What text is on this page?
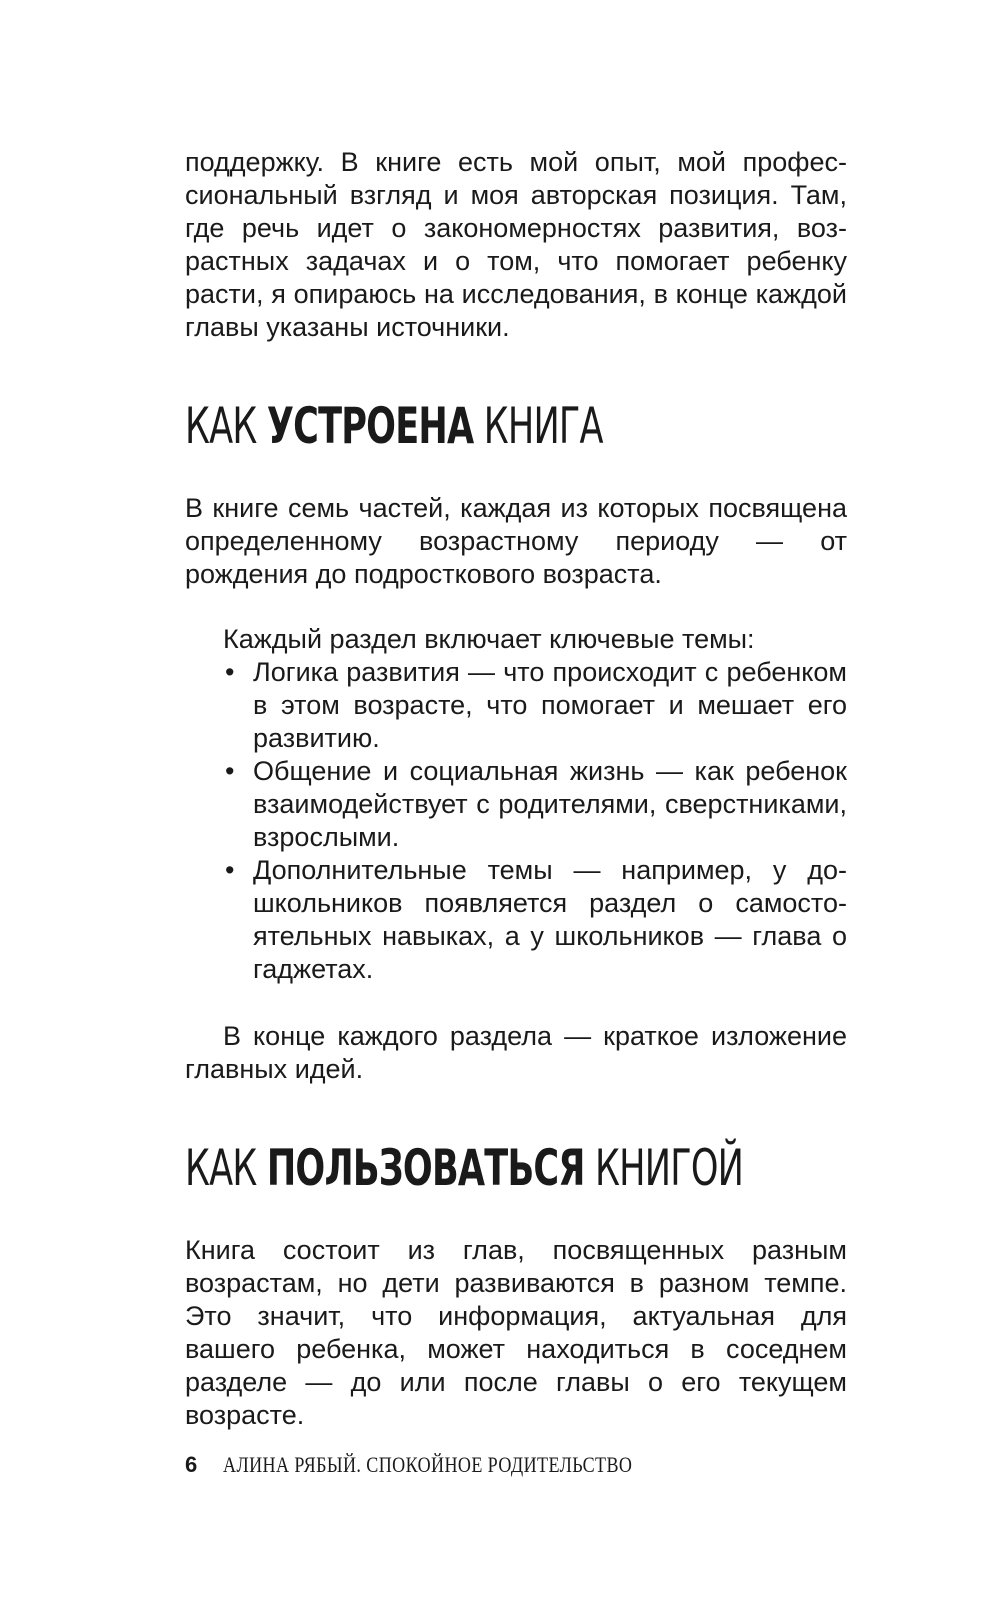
поддержку. В книге есть мой опыт, мой профессиональный взгляд и моя авторская позиция. Там, где речь идет о закономерностях развития, возрастных задачах и о том, что помогает ребенку расти, я опираюсь на исследования, в конце каждой главы указаны источники.

КАК УСТРОЕНА КНИГА

В книге семь частей, каждая из которых посвящена определенному возрастному периоду — от рождения до подросткового возраста.

Каждый раздел включает ключевые темы:

• Логика развития — что происходит с ребенком в этом возрасте, что помогает и мешает его развитию.
• Общение и социальная жизнь — как ребенок взаимодействует с родителями, сверстниками, взрослыми.
• Дополнительные темы — например, у дошкольников появляется раздел о самостоятельных навыках, а у школьников — глава о гаджетах.

В конце каждого раздела — краткое изложение главных идей.

КАК ПОЛЬЗОВАТЬСЯ КНИГОЙ

Книга состоит из глав, посвященных разным возрастам, но дети развиваются в разном темпе. Это значит, что информация, актуальная для вашего ребенка, может находиться в соседнем разделе — до или после главы о его текущем возрасте.

6 АЛИНА РЯБЫЙ. СПОКОЙНОЕ РОДИТЕЛЬСТВО
